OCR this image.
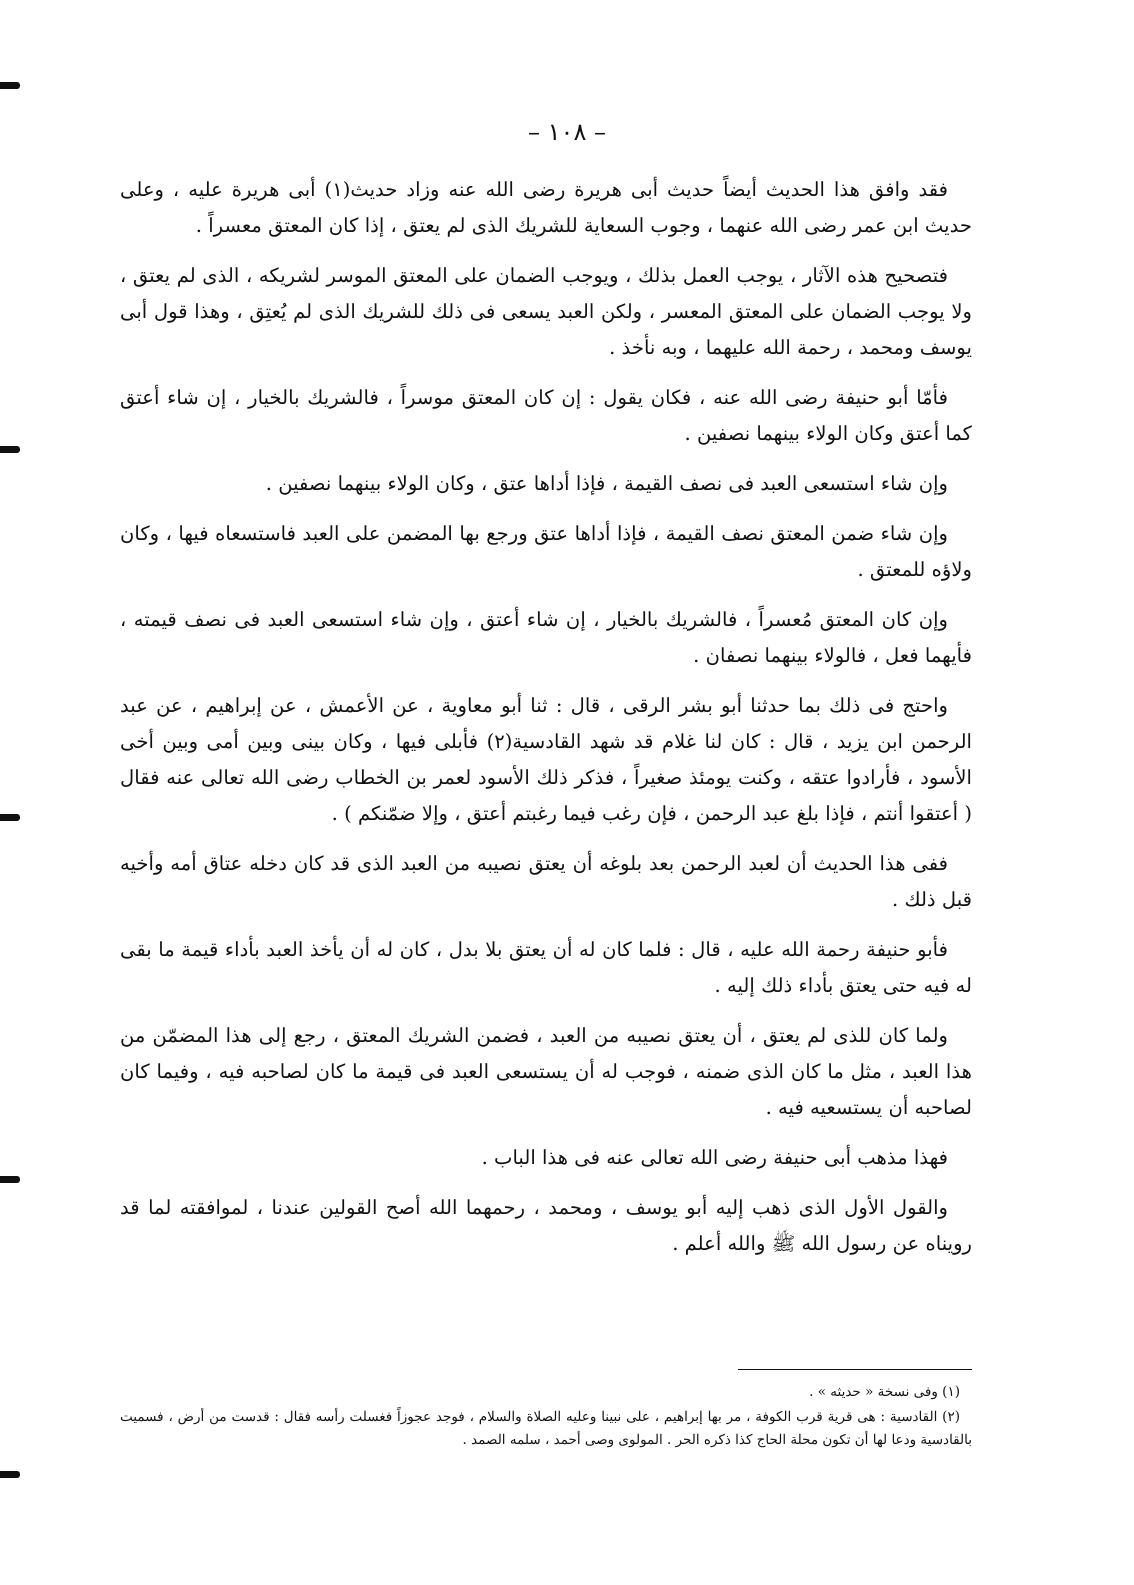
– ١٠٨ –

فقد وافق هذا الحديث أيضاً حديث أبى هريرة رضى الله عنه وزاد حديث(١) أبى هريرة عليه ، وعلى حديث ابن عمر رضى الله عنهما ، وجوب السعاية للشريك الذى لم يعتق ، إذا كان المعتق معسراً .

فتصحيح هذه الآثار ، يوجب العمل بذلك ، ويوجب الضمان على المعتق الموسر لشريكه ، الذى لم يعتق ، ولا يوجب الضمان على المعتق المعسر ، ولكن العبد يسعى فى ذلك للشريك الذى لم يُعتِق ، وهذا قول أبى يوسف ومحمد ، رحمة الله عليهما ، وبه نأخذ .

فأمّا أبو حنيفة رضى الله عنه ، فكان يقول : إن كان المعتق موسراً ، فالشريك بالخيار ، إن شاء أعتق كما أعتق وكان الولاء بينهما نصفين .

وإن شاء استسعى العبد فى نصف القيمة ، فإذا أداها عتق ، وكان الولاء بينهما نصفين .

وإن شاء ضمن المعتق نصف القيمة ، فإذا أداها عتق ورجع بها المضمن على العبد فاستسعاه فيها ، وكان ولاؤه للمعتق .

وإن كان المعتق مُعسراً ، فالشريك بالخيار ، إن شاء أعتق ، وإن شاء استسعى العبد فى نصف قيمته ، فأيهما فعل ، فالولاء بينهما نصفان .

واحتج فى ذلك بما حدثنا أبو بشر الرقى ، قال : ثنا أبو معاوية ، عن الأعمش ، عن إبراهيم ، عن عبد الرحمن ابن يزيد ، قال : كان لنا غلام قد شهد القادسية(٢) فأبلى فيها ، وكان بينى وبين أمى وبين أخى الأسود ، فأرادوا عتقه ، وكنت يومئذ صغيراً ، فذكر ذلك الأسود لعمر بن الخطاب رضى الله تعالى عنه فقال ( أعتقوا أنتم ، فإذا بلغ عبد الرحمن ، فإن رغب فيما رغبتم أعتق ، وإلا ضمّنكم ) .

ففى هذا الحديث أن لعبد الرحمن بعد بلوغه أن يعتق نصيبه من العبد الذى قد كان دخله عتاق أمه وأخيه قبل ذلك .

فأبو حنيفة رحمة الله عليه ، قال : فلما كان له أن يعتق بلا بدل ، كان له أن يأخذ العبد بأداء قيمة ما بقى له فيه حتى يعتق بأداء ذلك إليه .

ولما كان للذى لم يعتق ، أن يعتق نصيبه من العبد ، فضمن الشريك المعتق ، رجع إلى هذا المضمّن من هذا العبد ، مثل ما كان الذى ضمنه ، فوجب له أن يستسعى العبد فى قيمة ما كان لصاحبه فيه ، وفيما كان لصاحبه أن يستسعيه فيه .

فهذا مذهب أبى حنيفة رضى الله تعالى عنه فى هذا الباب .

والقول الأول الذى ذهب إليه أبو يوسف ، ومحمد ، رحمهما الله أصح القولين عندنا ، لموافقته لما قد رويناه عن رسول الله ﷺ والله أعلم .

(١) وفى نسخة « حديثه » .

(٢) القادسية : هى قرية قرب الكوفة ، مر بها إبراهيم ، على نبينا وعليه الصلاة والسلام ، فوجد عجوزاً فغسلت رأسه فقال : قدست من أرض ، فسميت بالقادسية ودعا لها أن تكون محلة الحاج كذا ذكره الحر . المولوى وصى أحمد ، سلمه الصمد .
